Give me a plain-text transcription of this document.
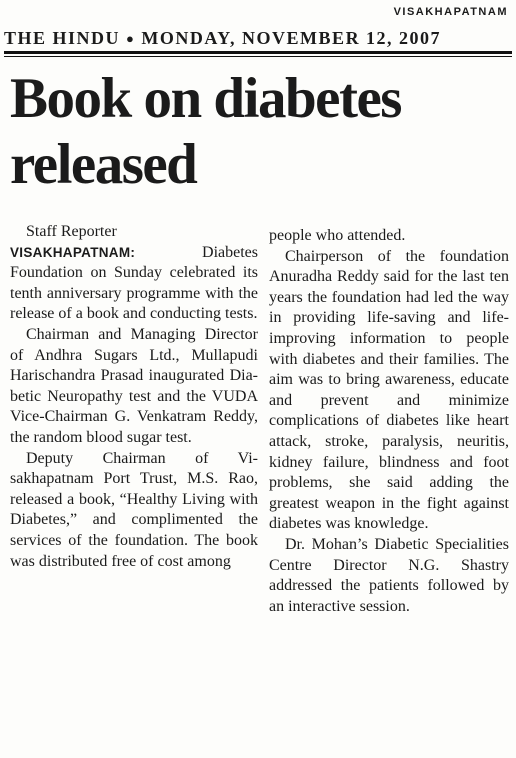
VISAKHAPATNAM
THE HINDU ● MONDAY, NOVEMBER 12, 2007
Book on diabetes
released

Staff Reporter

VISAKHAPATNAM: Diabetes Foundation on Sunday celebrated its tenth anniversary programme with the release of a book and conducting tests.

Chairman and Managing Director of Andhra Sugars Ltd., Mullapudi Harischandra Prasad inaugurated Diabetic Neuropathy test and the VUDA Vice-Chairman G. Venkatram Reddy, the random blood sugar test.

Deputy Chairman of Visakhapatnam Port Trust, M.S. Rao, released a book, “Healthy Living with Diabetes,” and complimented the services of the foundation. The book was distributed free of cost among

people who attended.

Chairperson of the foundation Anuradha Reddy said for the last ten years the foundation had led the way in providing life-saving and life-improving information to people with diabetes and their families. The aim was to bring awareness, educate and prevent and minimize complications of diabetes like heart attack, stroke, paralysis, neuritis, kidney failure, blindness and foot problems, she said adding the greatest weapon in the fight against diabetes was knowledge.

Dr. Mohan’s Diabetic Specialities Centre Director N.G. Shastry addressed the patients followed by an interactive session.
